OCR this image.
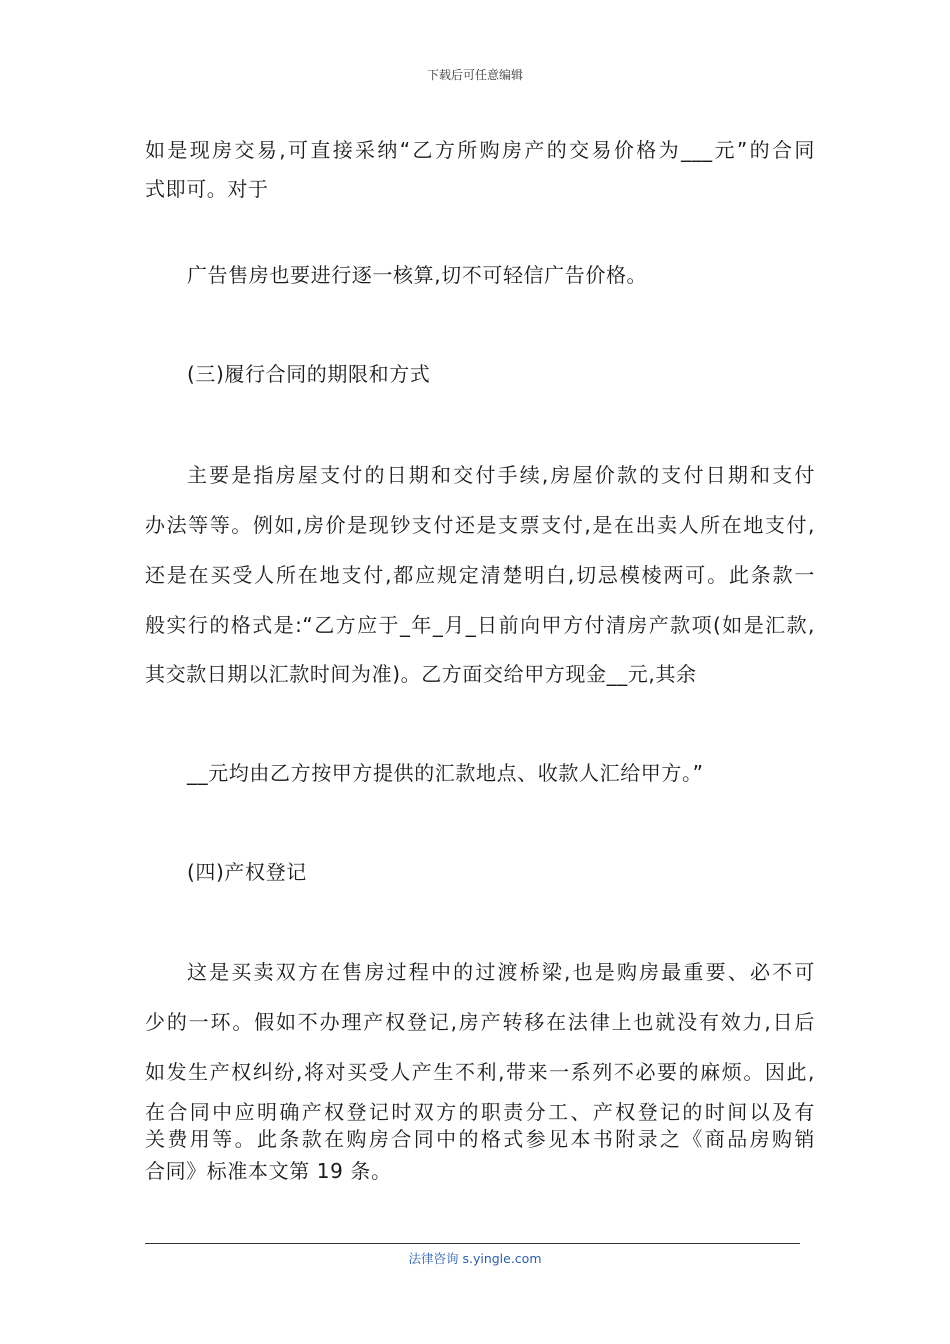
下载后可任意编辑
如是现房交易,可直接采纳“乙方所购房产的交易价格为___元”的合同
式即可。对于
广告售房也要进行逐一核算,切不可轻信广告价格。
(三)履行合同的期限和方式
主要是指房屋支付的日期和交付手续,房屋价款的支付日期和支付
办法等等。例如,房价是现钞支付还是支票支付,是在出卖人所在地支付,
还是在买受人所在地支付,都应规定清楚明白,切忌模棱两可。此条款一
般实行的格式是:“乙方应于_年_月_日前向甲方付清房产款项(如是汇款,
其交款日期以汇款时间为准)。乙方面交给甲方现金__元,其余
__元均由乙方按甲方提供的汇款地点、收款人汇给甲方。”
(四)产权登记
这是买卖双方在售房过程中的过渡桥梁,也是购房最重要、必不可
少的一环。假如不办理产权登记,房产转移在法律上也就没有效力,日后
如发生产权纠纷,将对买受人产生不利,带来一系列不必要的麻烦。因此,
在合同中应明确产权登记时双方的职责分工、产权登记的时间以及有
关费用等。此条款在购房合同中的格式参见本书附录之《商品房购销
合同》标准本文第 19 条。
法律咨询 s.yingle.com
